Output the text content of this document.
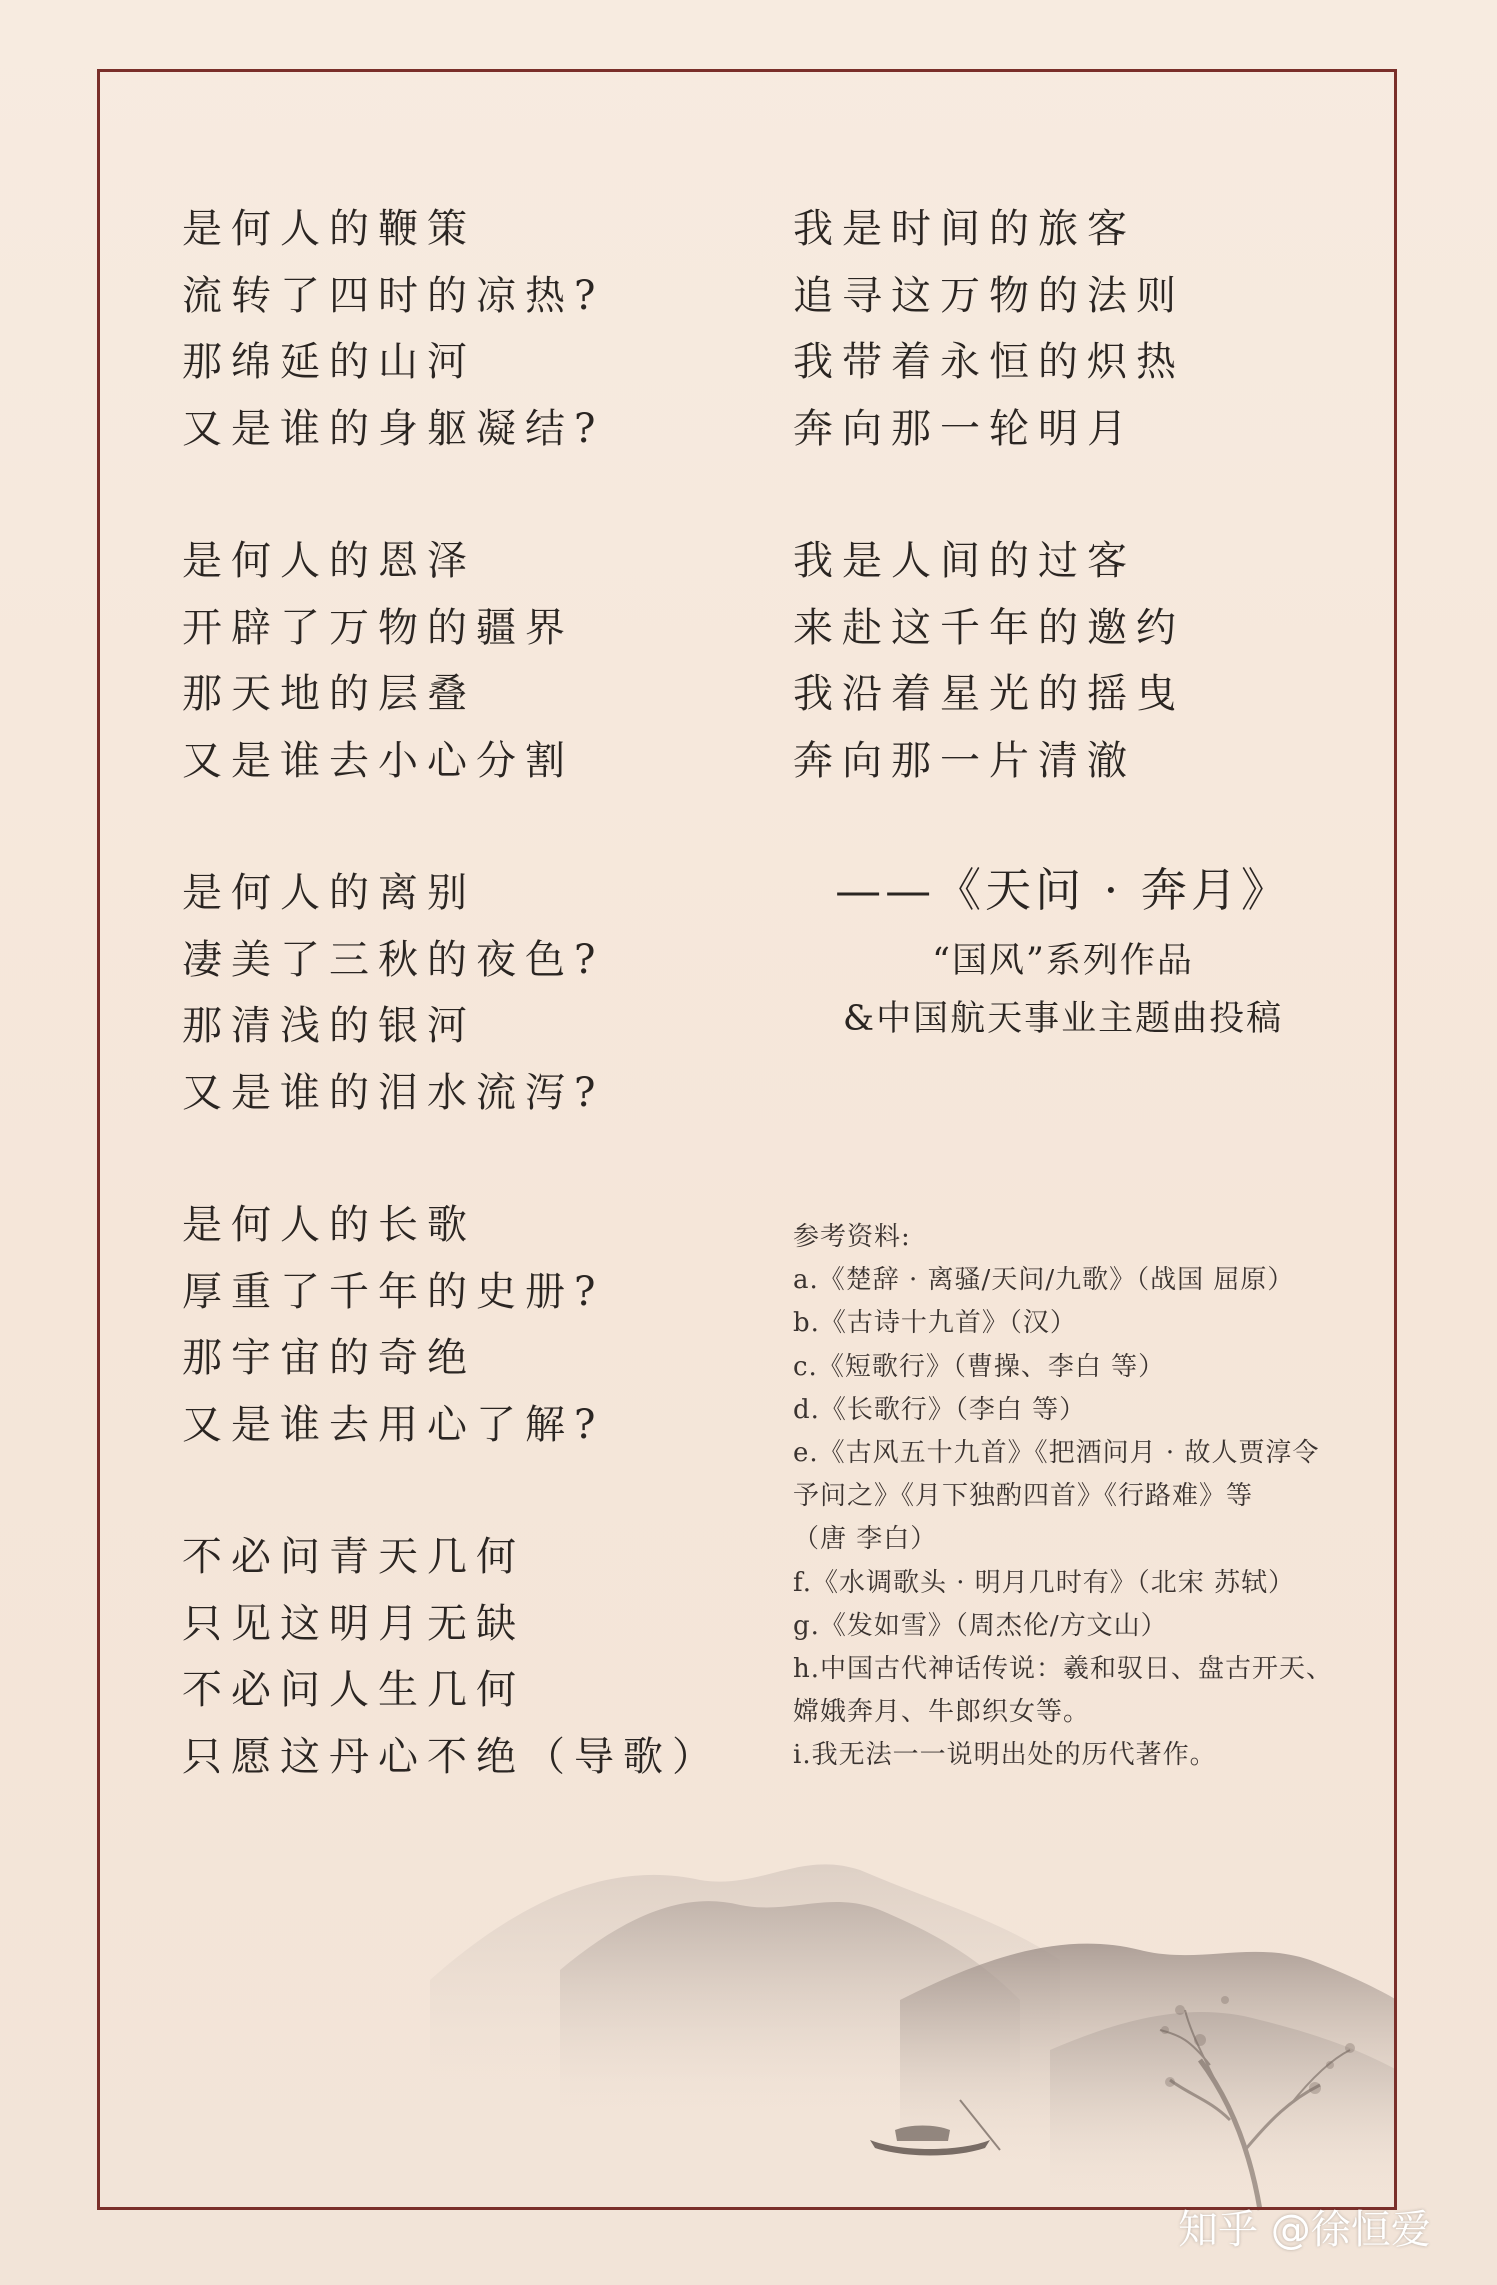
是何人的鞭策
流转了四时的凉热?
那绵延的山河
又是谁的身躯凝结?
是何人的恩泽
开辟了万物的疆界
那天地的层叠
又是谁去小心分割
是何人的离别
凄美了三秋的夜色?
那清浅的银河
又是谁的泪水流泻?
是何人的长歌
厚重了千年的史册?
那宇宙的奇绝
又是谁去用心了解?
不必问青天几何
只见这明月无缺
不必问人生几何
只愿这丹心不绝（导歌）
我是时间的旅客
追寻这万物的法则
我带着永恒的炽热
奔向那一轮明月
我是人间的过客
来赴这千年的邀约
我沿着星光的摇曳
奔向那一片清澈
——《天问 · 奔月》
“国风”系列作品
&中国航天事业主题曲投稿
参考资料:
a.《楚辞 · 离骚/天问/九歌》（战国 屈原）
b.《古诗十九首》（汉）
c.《短歌行》（曹操、李白 等）
d.《长歌行》（李白 等）
e.《古风五十九首》《把酒问月 · 故人贾淳令
予问之》《月下独酌四首》《行路难》等
（唐 李白）
f.《水调歌头 · 明月几时有》（北宋 苏轼）
g.《发如雪》（周杰伦/方文山）
h.中国古代神话传说：羲和驭日、盘古开天、
嫦娥奔月、牛郎织女等。
i.我无法一一说明出处的历代著作。
知乎 @徐恒爱
